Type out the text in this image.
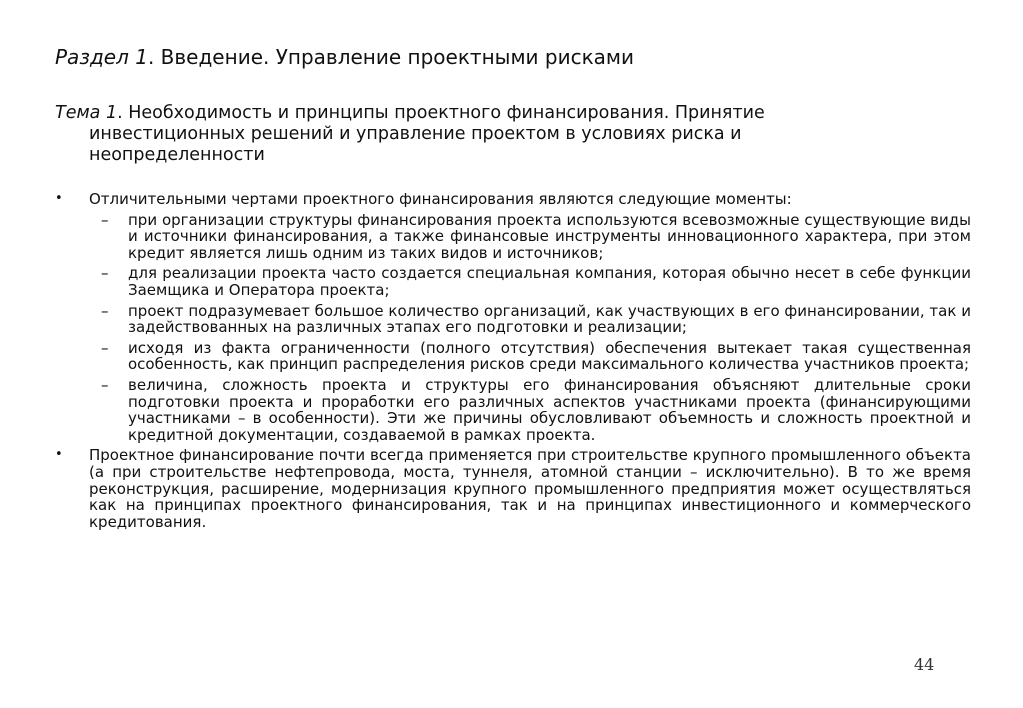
Раздел 1. Введение. Управление проектными рисками
Тема 1. Необходимость и принципы проектного финансирования. Принятие
инвестиционных решений и управление проектом в условиях риска и
неопределенности
• Отличительными чертами проектного финансирования являются следующие моменты:
– при организации структуры финансирования проекта используются всевозможные существующие виды и источники финансирования, а также финансовые инструменты инновационного характера, при этом кредит является лишь одним из таких видов и источников;
– для реализации проекта часто создается специальная компания, которая обычно несет в себе функции Заемщика и Оператора проекта;
– проект подразумевает большое количество организаций, как участвующих в его финансировании, так и задействованных на различных этапах его подготовки и реализации;
– исходя из факта ограниченности (полного отсутствия) обеспечения вытекает такая существенная особенность, как принцип распределения рисков среди максимального количества участников проекта;
– величина, сложность проекта и структуры его финансирования объясняют длительные сроки подготовки проекта и проработки его различных аспектов участниками проекта (финансирующими участниками – в особенности). Эти же причины обусловливают объемность и сложность проектной и кредитной документации, создаваемой в рамках проекта.
• Проектное финансирование почти всегда применяется при строительстве крупного промышленного объекта (а при строительстве нефтепровода, моста, туннеля, атомной станции – исключительно). В то же время реконструкция, расширение, модернизация крупного промышленного предприятия может осуществляться как на принципах проектного финансирования, так и на принципах инвестиционного и коммерческого кредитования.
44
